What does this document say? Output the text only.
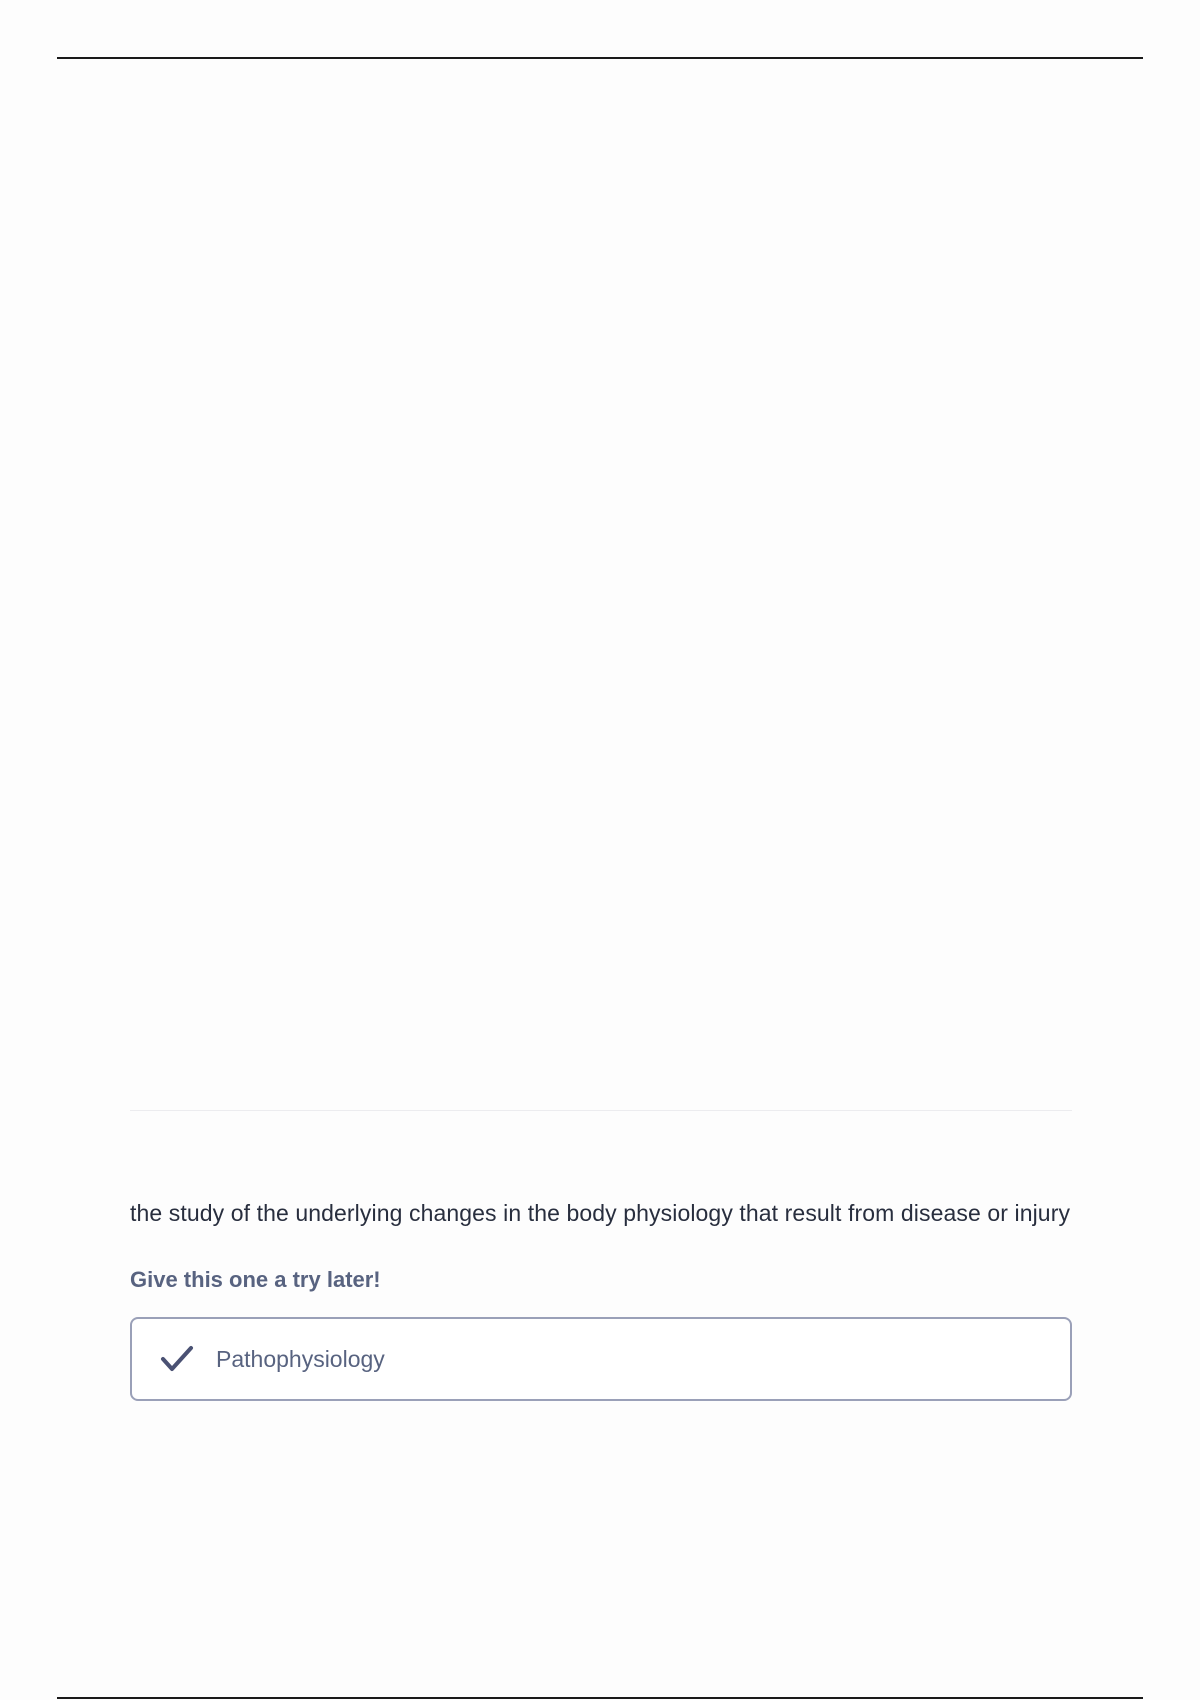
the study of the underlying changes in the body physiology that result from disease or injury

Give this one a try later!

Pathophysiology
